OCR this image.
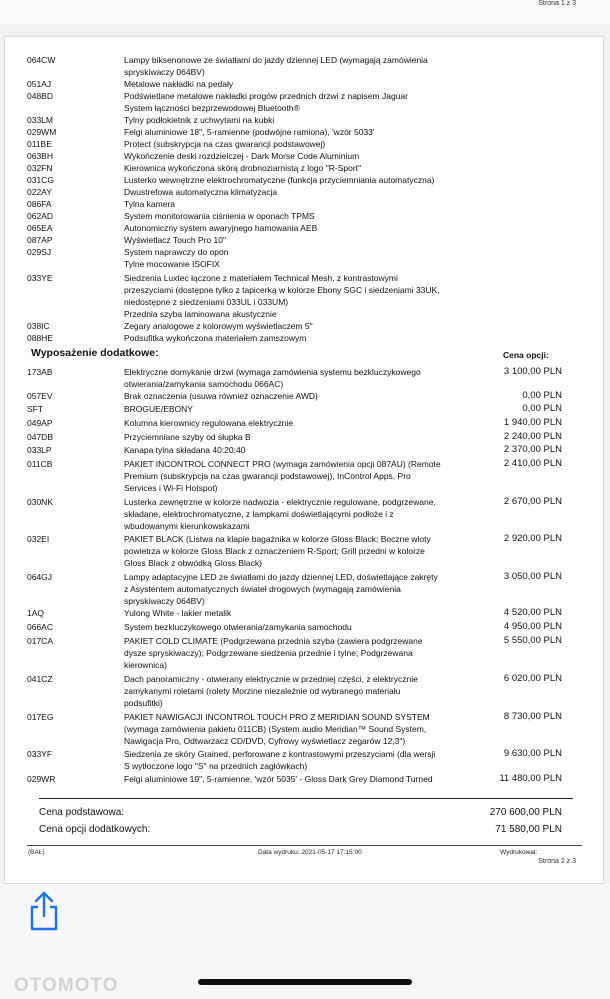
Strona 1 z 3
064CW	Lampy biksenonowe ze światłami do jazdy dziennej LED (wymagają zamówienia
spryskiwaczy 064BV)
051AJ	Metalowe nakładki na pedały
048BD	Podświetlane metalowe nakładki progów przednich drzwi z napisem Jaguar
System łączności bezprzewodowej Bluetooth®
033LM	Tylny podłokietnik z uchwytami na kubki
029WM	Felgi aluminiowe 18", 5-ramienne (podwójne ramiona), 'wzór 5033'
011BE	Protect (subskrypcja na czas gwarancji podstawowej)
063BH	Wykończenie deski rozdzielczej - Dark Morse Code Aluminium
032FN	Kierownica wykończona skórą drobnoziarnistą z logo "R-Sport"
031CG	Lusterko wewnętrzne elektrochromatyczne (funkcja przyciemniania automatyczna)
022AY	Dwustrefowa automatyczna klimatyzacja
086FA	Tylna kamera
062AD	System monitorowania ciśnienia w oponach TPMS
065EA	Autonomiczny system awaryjnego hamowania AEB
087AP	Wyświetlacz Touch Pro 10"
029SJ	System naprawczy do opon
Tylne mocowanie ISOFIX
033YE	Siedzenia Luxtec łączone z materiałem Technical Mesh, z kontrastowymi
przeszyciami (dostępne tylko z tapicerką w kolorze Ebony SGC i siedzeniami 33UK,
niedostępne z siedzeniami 033UL i 033UM)
Przednia szyba laminowana akustycznie
038IC	Zegary analogowe z kolorowym wyświetlaczem 5"
088HE	Podsufitka wykończona materiałem zamszowym
173AB	Elektryczne domykanie drzwi (wymaga zamówienia systemu bezkluczykowego
otwierania/zamykania samochodu 066AC)
3 100,00 PLN
057EV	Brak oznaczenia (usuwa również oznaczenie AWD)	0,00 PLN
SFT	BROGUE/EBONY	0,00 PLN
049AP	Kolumna kierownicy regulowana elektrycznie	1 940,00 PLN
047DB	Przyciemniane szyby od słupka B	2 240,00 PLN
033LP	Kanapa tylna składana 40:20:40	2 370,00 PLN
011CB	PAKIET INCONTROL CONNECT PRO (wymaga zamówienia opcji 087AU) (Remote
Premium (subskrypcja na czas gwarancji podstawowej), InControl Apps, Pro
Services i Wi-Fi Hotspot)
2 410,00 PLN
030NK	Lusterka zewnętrzne w kolorze nadwozia - elektrycznie regulowane, podgrzewane,
składane, elektrochromatyczne, z lampkami doświetlającymi podłoże i z
wbudowanymi kierunkowskazami
2 670,00 PLN
032EI	PAKIET BLACK (Listwa na klapie bagażnika w kolorze Gloss Black; Boczne wloty
powietrza w kolorze Gloss Black z oznaczeniem R-Sport; Grill przedni w kolorze
Gloss Black z obwódką Gloss Black)
2 920,00 PLN
064GJ	Lampy adaptacyjne LED ze światłami do jazdy dziennej LED, doświetlające zakręty
z Asystentem automatycznych świateł drogowych (wymagają zamówienia
spryskiwaczy 064BV)
3 050,00 PLN
1AQ	Yulong White - lakier metalik	4 520,00 PLN
066AC	System bezkluczykowego otwierania/zamykania samochodu	4 950,00 PLN
017CA	PAKIET COLD CLIMATE (Podgrzewana przednia szyba (zawiera podgrzewane
dysze spryskiwaczy); Podgrzewane siedzenia przednie i tylne; Podgrzewana
kierownica)
5 550,00 PLN
041CZ	Dach panoramiczny - otwierany elektrycznie w przedniej części, z elektrycznie
zamykanymi roletami (rolety Morzine niezależnie od wybranego materiału
podsufitki)
6 020,00 PLN
017EG	PAKIET NAWIGACJI INCONTROL TOUCH PRO Z MERIDIAN SOUND SYSTEM
(wymaga zamówienia pakietu 011CB) (System audio Meridian™ Sound System,
Nawigacja Pro, Odtwarzacz CD/DVD, Cyfrowy wyświetlacz zegarów 12,3")
8 730,00 PLN
033YF	Siedzenia ze skóry Grained, perforowane z kontrastowymi przeszyciami (dla wersji
S wytłoczone logo "S" na przednich zagłówkach)
9 630,00 PLN
029WR	Felgi aluminiowe 19", 5-ramienne, 'wzór 5035' - Gloss Dark Grey Diamond Turned	11 480,00 PLN
Wyposażenie dodatkowe:	Cena opcji:
Cena podstawowa:	270 600,00 PLN
Cena opcji dodatkowych:	71 580,00 PLN
(BAŁ)	Data wydruku: 2021-05-17 17:15:00	Wydrukował:
Strona 2 z 3
OTOMOTO
